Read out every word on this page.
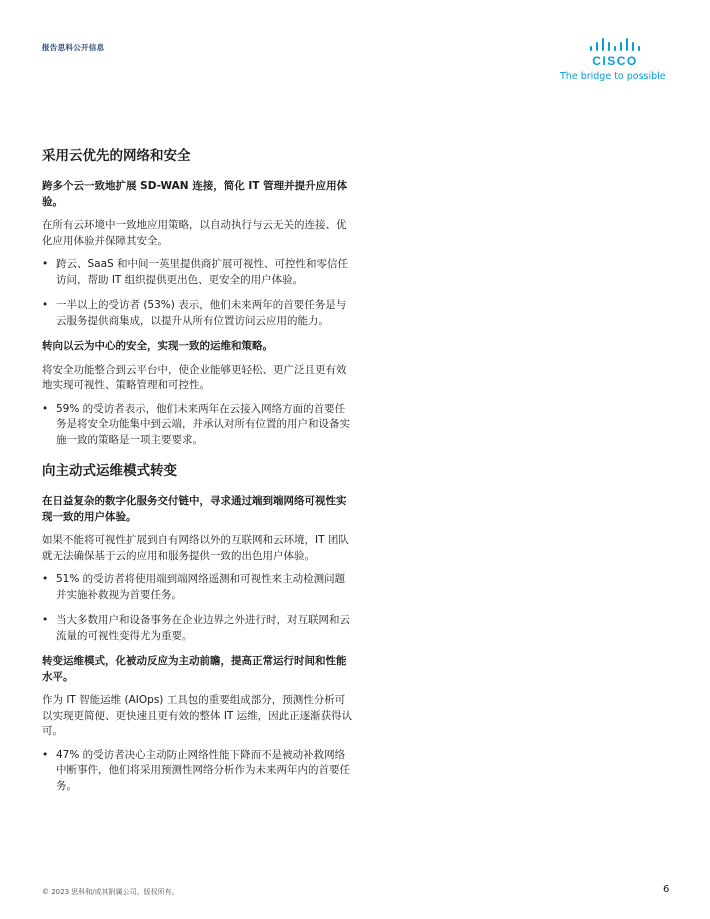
报告思科公开信息
CISCO
The bridge to possible
采用云优先的网络和安全
跨多个云一致地扩展 SD-WAN 连接，简化 IT 管理并提升应用体验。

在所有云环境中一致地应用策略，以自动执行与云无关的连接、优化应用体验并保障其安全。

• 跨云、SaaS 和中间一英里提供商扩展可视性、可控性和零信任访问，帮助 IT 组织提供更出色、更安全的用户体验。
• 一半以上的受访者 (53%) 表示，他们未来两年的首要任务是与云服务提供商集成，以提升从所有位置访问云应用的能力。
转向以云为中心的安全，实现一致的运维和策略。

将安全功能整合到云平台中，使企业能够更轻松、更广泛且更有效地实现可视性、策略管理和可控性。

• 59% 的受访者表示，他们未来两年在云接入网络方面的首要任务是将安全功能集中到云端，并承认对所有位置的用户和设备实施一致的策略是一项主要要求。
向主动式运维模式转变
在日益复杂的数字化服务交付链中，寻求通过端到端网络可视性实现一致的用户体验。

如果不能将可视性扩展到自有网络以外的互联网和云环境，IT 团队就无法确保基于云的应用和服务提供一致的出色用户体验。

• 51% 的受访者将使用端到端网络遥测和可视性来主动检测问题并实施补救视为首要任务。
• 当大多数用户和设备事务在企业边界之外进行时，对互联网和云流量的可视性变得尤为重要。
转变运维模式，化被动反应为主动前瞻，提高正常运行时间和性能水平。

作为 IT 智能运维 (AIOps) 工具包的重要组成部分，预测性分析可以实现更简便、更快速且更有效的整体 IT 运维，因此正逐渐获得认可。

• 47% 的受访者决心主动防止网络性能下降而不是被动补救网络中断事件，他们将采用预测性网络分析作为未来两年内的首要任务。
© 2023 思科和/或其附属公司。版权所有。	6
